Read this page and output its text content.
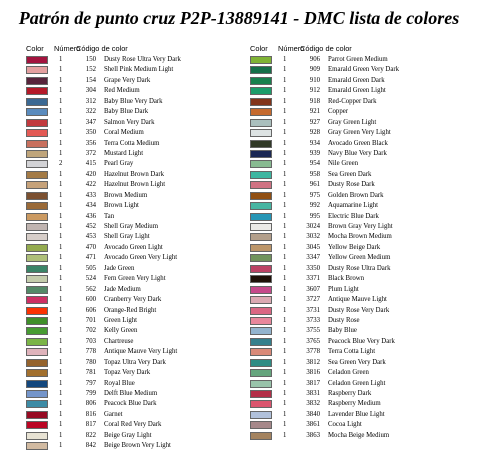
Patrón de punto cruz P2P-13889141 - DMC lista de colores
Color Número
Código de color
1	150 Dusty Rose Ultra Very Dark
1	152 Shell Pink Medium Light
1	154 Grape Very Dark
1	304 Red Medium
1	312 Baby Blue Very Dark
1	322 Baby Blue Dark
1	347 Salmon Very Dark
1	350 Coral Medium
1	356 Terra Cotta Medium
1	372 Mustard Light
2	415 Pearl Gray
1	420 Hazelnut Brown Dark
1	422 Hazelnut Brown Light
1	433 Brown Medium
1	434 Brown Light
1	436 Tan
1	452 Shell Gray Medium
1	453 Shell Gray Light
1	470 Avocado Green Light
1	471 Avocado Green Very Light
1	505 Jade Green
1	524 Fern Green Very Light
1	562 Jade Medium
1	600 Cranberry Very Dark
1	606 Orange-Red Bright
1	701 Green Light
1	702 Kelly Green
1	703 Chartreuse
1	778 Antique Mauve Very Light
1	780 Topaz Ultra Very Dark
1	781 Topaz Very Dark
1	797 Royal Blue
1	799 Delft Blue Medium
1	806 Peacock Blue Dark
1	816 Garnet
1	817 Coral Red Very Dark
1	822 Beige Gray Light
1	842 Beige Brown Very Light
Color Número
Código de color
1	906 Parrot Green Medium
1	909 Emarald Green Very Dark
1	910 Emarald Green Dark
1	912 Emarald Green Light
1	918 Red-Copper Dark
1	921 Copper
1	927 Gray Green Light
1	928 Gray Green Very Light
1	934 Avocado Green Black
1	939 Navy Blue Very Dark
1	954 Nile Green
1	958 Sea Green Dark
1	961 Dusty Rose Dark
1	975 Golden Brown Dark
1	992 Aquamarine Light
1	995 Electric Blue Dark
1	3024 Brown Gray Very Light
1	3032 Mocha Brown Medium
1	3045 Yellow Beige Dark
1	3347 Yellow Green Medium
1	3350 Dusty Rose Ultra Dark
1	3371 Black Brown
1	3607 Plum Light
1	3727 Antique Mauve Light
1	3731 Dusty Rose Very Dark
1	3733 Dusty Rose
1	3755 Baby Blue
1	3765 Peacock Blue Very Dark
1	3778 Terra Cotta Light
1	3812 Sea Green Very Dark
1	3816 Celadon Green
1	3817 Celadon Green Light
1	3831 Raspberry Dark
1	3832 Raspberry Medium
1	3840 Lavender Blue Light
1	3861 Cocoa Light
1	3863 Mocha Beige Medium
